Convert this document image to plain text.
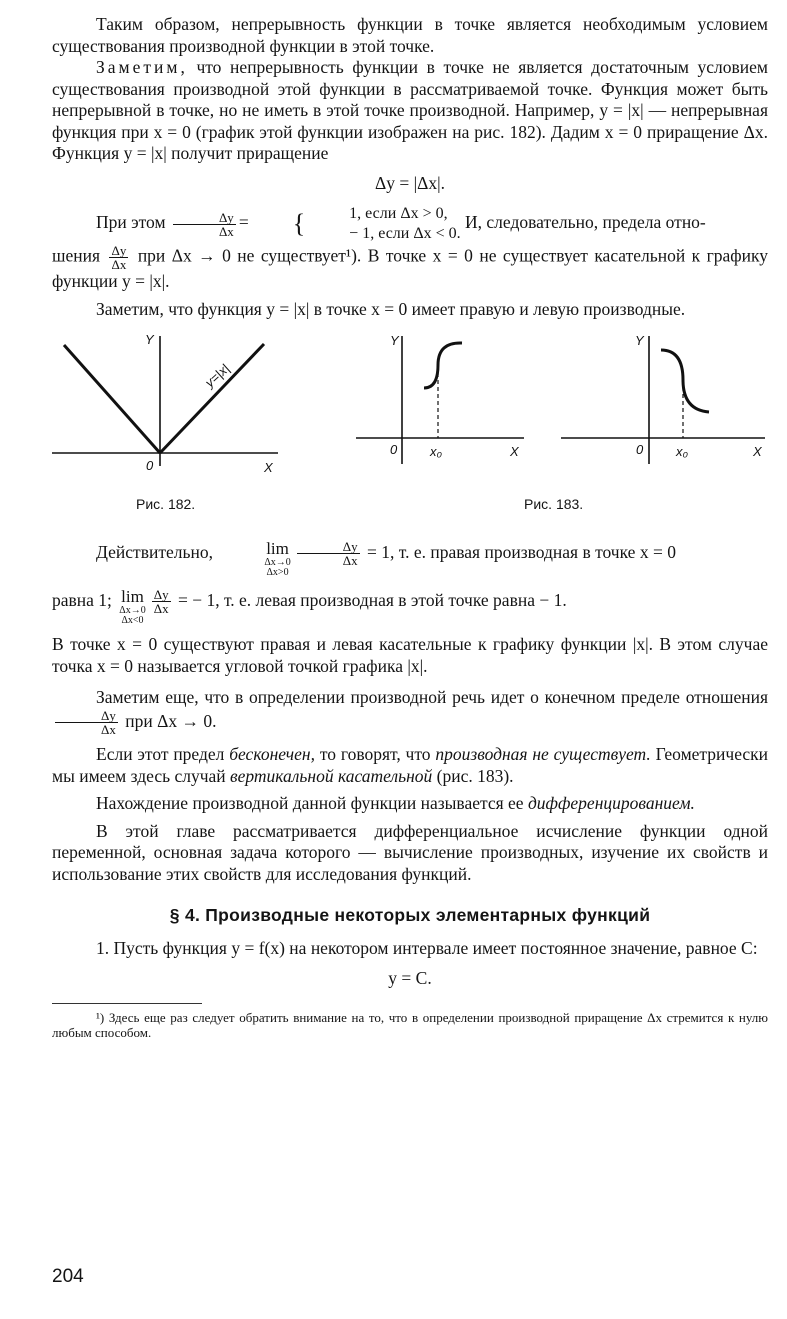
Таким образом, непрерывность функции в точке является необходимым условием существования производной функции в этой точке.

Заметим, что непрерывность функции в точке не является достаточным условием существования производной этой функции в рассматриваемой точке. Функция может быть непрерывной в точке, но не иметь в этой точке производной. Например, y = |x| — непрерывная функция при x = 0 (график этой функции изображен на рис. 182). Дадим x = 0 приращение Δx. Функция y = |x| получит приращение

Δy = |Δx|.

При этом $\frac{\Delta y}{\Delta x}$ = {	1, если Δx > 0,
− 1, если Δx < 0.
И, следовательно, предела отно-

шения $\frac{\Delta y}{\Delta x}$ при Δx → 0 не существует¹). В точке x = 0 не существует касательной к графику функции y = |x|.

Заметим, что функция y = |x| в точке x = 0 имеет правую и левую производные.

Y
0	X
y=|x|
Y
0	x₀	X
Y
0	x₀	X
Рис. 182.	Рис. 183.

Действительно,	lim
Δx→0
Δx>0
$\frac{\Delta y}{\Delta x} = 1$, т. е. правая производная в точке x = 0

равна 1; lim
Δx→0
Δx<0
$\frac{\Delta y}{\Delta x}$ = − 1, т. е. левая производная в этой точке равна − 1.

В точке x = 0 существуют правая и левая касательные к графику функции |x|. В этом случае точка x = 0 называется угловой точкой графика |x|.

Заметим еще, что в определении производной речь идет о конечном пределе отношения
$\frac{\Delta y}{\Delta x}$ при Δx → 0.

Если этот предел бесконечен, то говорят, что производная не существует. Геометрически мы имеем здесь случай вертикальной касательной (рис. 183).

Нахождение производной данной функции называется ее дифференцированием.

В этой главе рассматривается дифференциальное исчисление функции одной переменной, основная задача которого — вычисление производных, изучение их свойств и использование этих свойств для исследования функций.

§ 4. Производные некоторых элементарных функций

1. Пусть функция y = f(x) на некотором интервале имеет постоянное значение, равное C:

y = C.

¹) Здесь еще раз следует обратить внимание на то, что в определении производной приращение Δx стремится к нулю любым способом.

204
